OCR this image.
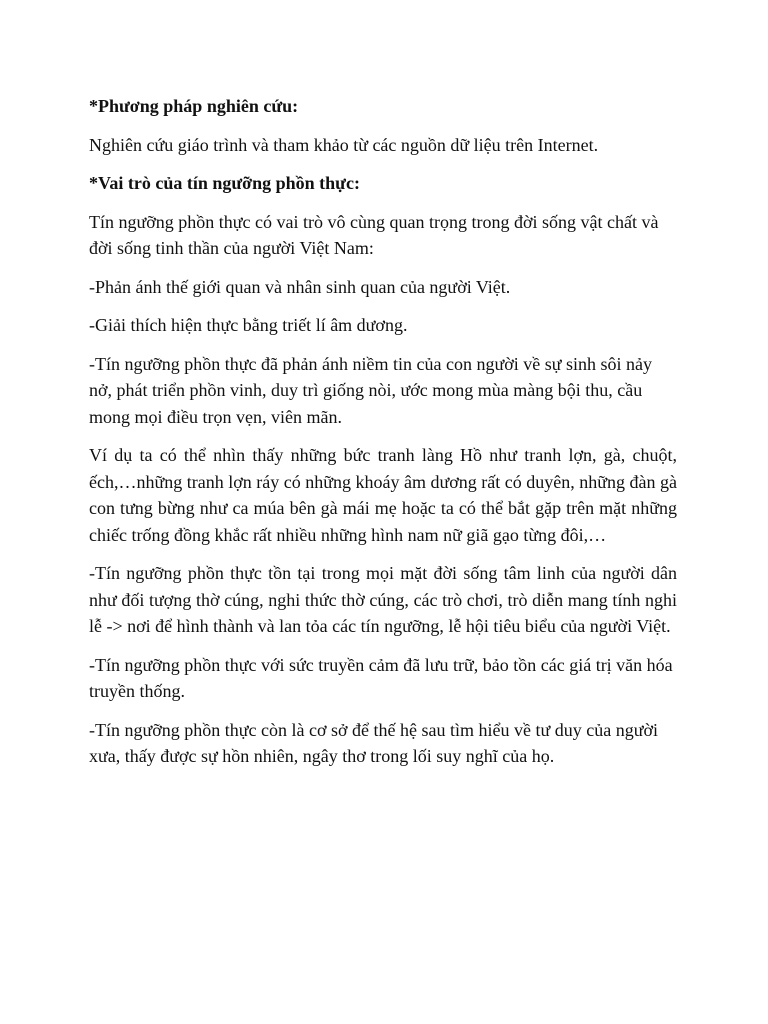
*Phương pháp nghiên cứu:

Nghiên cứu giáo trình và tham khảo từ các nguồn dữ liệu trên Internet.

*Vai trò của tín ngưỡng phồn thực:

Tín ngưỡng phồn thực có vai trò vô cùng quan trọng trong đời sống vật chất và đời sống tinh thần của người Việt Nam:

-Phản ánh thế giới quan và nhân sinh quan của người Việt.

-Giải thích hiện thực bằng triết lí âm dương.

-Tín ngưỡng phồn thực đã phản ánh niềm tin của con người về sự sinh sôi nảy nở, phát triển phồn vinh, duy trì giống nòi, ước mong mùa màng bội thu, cầu mong mọi điều trọn vẹn, viên mãn.

Ví dụ ta có thể nhìn thấy những bức tranh làng Hồ như tranh lợn, gà, chuột, ếch,…những tranh lợn ráy có những khoáy âm dương rất có duyên, những đàn gà con tưng bừng như ca múa bên gà mái mẹ hoặc ta có thể bắt gặp trên mặt những chiếc trống đồng khắc rất nhiều những hình nam nữ giã gạo từng đôi,…

-Tín ngưỡng phồn thực tồn tại trong mọi mặt đời sống tâm linh của người dân như đối tượng thờ cúng, nghi thức thờ cúng, các trò chơi, trò diễn mang tính nghi lễ -> nơi để hình thành và lan tỏa các tín ngưỡng, lễ hội tiêu biểu của người Việt.

-Tín ngưỡng phồn thực với sức truyền cảm đã lưu trữ, bảo tồn các giá trị văn hóa truyền thống.

-Tín ngưỡng phồn thực còn là cơ sở để thế hệ sau tìm hiểu về tư duy của người xưa, thấy được sự hồn nhiên, ngây thơ trong lối suy nghĩ của họ.
